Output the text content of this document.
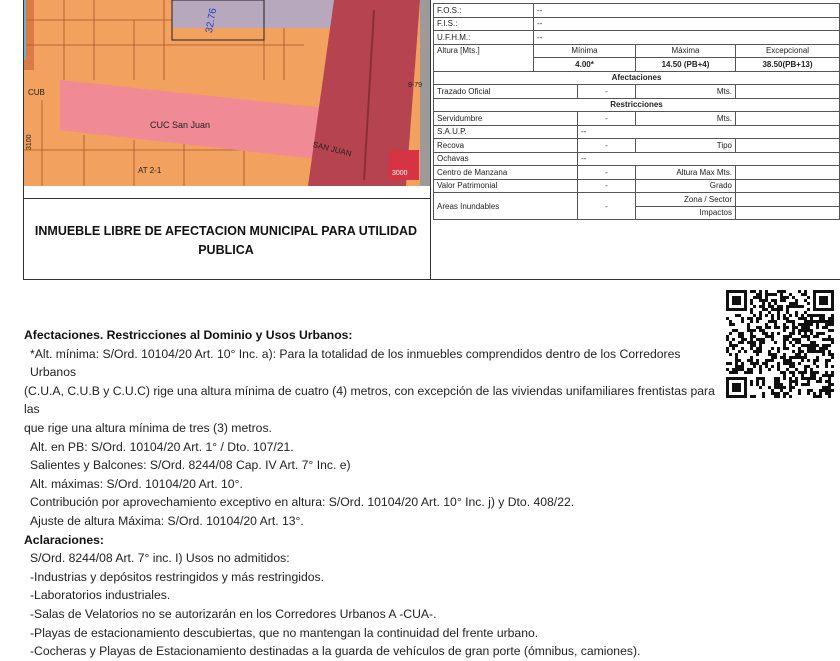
32.76
CUB
CUC San Juan
SAN JUAN
AT 2-1	3000
9-79
3100
INMUEBLE LIBRE DE AFECTACION MUNICIPAL PARA UTILIDAD
PUBLICA
F.O.S.:	--			
F.I.S.:	--			
U.F.H.M.:	--			
Altura [Mts.]	Mínima		Máxima	Excepcional
	4.00*		14.50 (PB+4)	38.50(PB+13)
Afectaciones				
Trazado Oficial		-	Mts.	
Restricciones				
Servidumbre		-	Mts.	
S.A.U.P.		--		
Recova		-	Tipo	
Ochavas		--		
Centro de Manzana		-	Altura Max Mts.	
Valor Patrimonial		-	Grado	
Areas Inundables		-	Zona / Sector	
			Impactos	

Afectaciones. Restricciones al Dominio y Usos Urbanos:

*Alt. mínima: S/Ord. 10104/20 Art. 10° Inc. a): Para la totalidad de los inmuebles comprendidos dentro de los Corredores Urbanos

(C.U.A, C.U.B y C.U.C) rige una altura mínima de cuatro (4) metros, con excepción de las viviendas unifamiliares frentistas para las

que rige una altura mínima de tres (3) metros.

Alt. en PB: S/Ord. 10104/20 Art. 1° / Dto. 107/21.

Salientes y Balcones: S/Ord. 8244/08 Cap. IV Art. 7° Inc. e)

Alt. máximas: S/Ord. 10104/20 Art. 10°.

Contribución por aprovechamiento exceptivo en altura: S/Ord. 10104/20 Art. 10° Inc. j) y Dto. 408/22.

Ajuste de altura Máxima: S/Ord. 10104/20 Art. 13°.

Aclaraciones:

S/Ord. 8244/08 Art. 7° inc. I) Usos no admitidos:

-Industrias y depósitos restringidos y más restringidos.

-Laboratorios industriales.

-Salas de Velatorios no se autorizarán en los Corredores Urbanos A -CUA-.

-Playas de estacionamiento descubiertas, que no mantengan la continuidad del frente urbano.

-Cocheras y Playas de Estacionamiento destinadas a la guarda de vehículos de gran porte (ómnibus, camiones).
